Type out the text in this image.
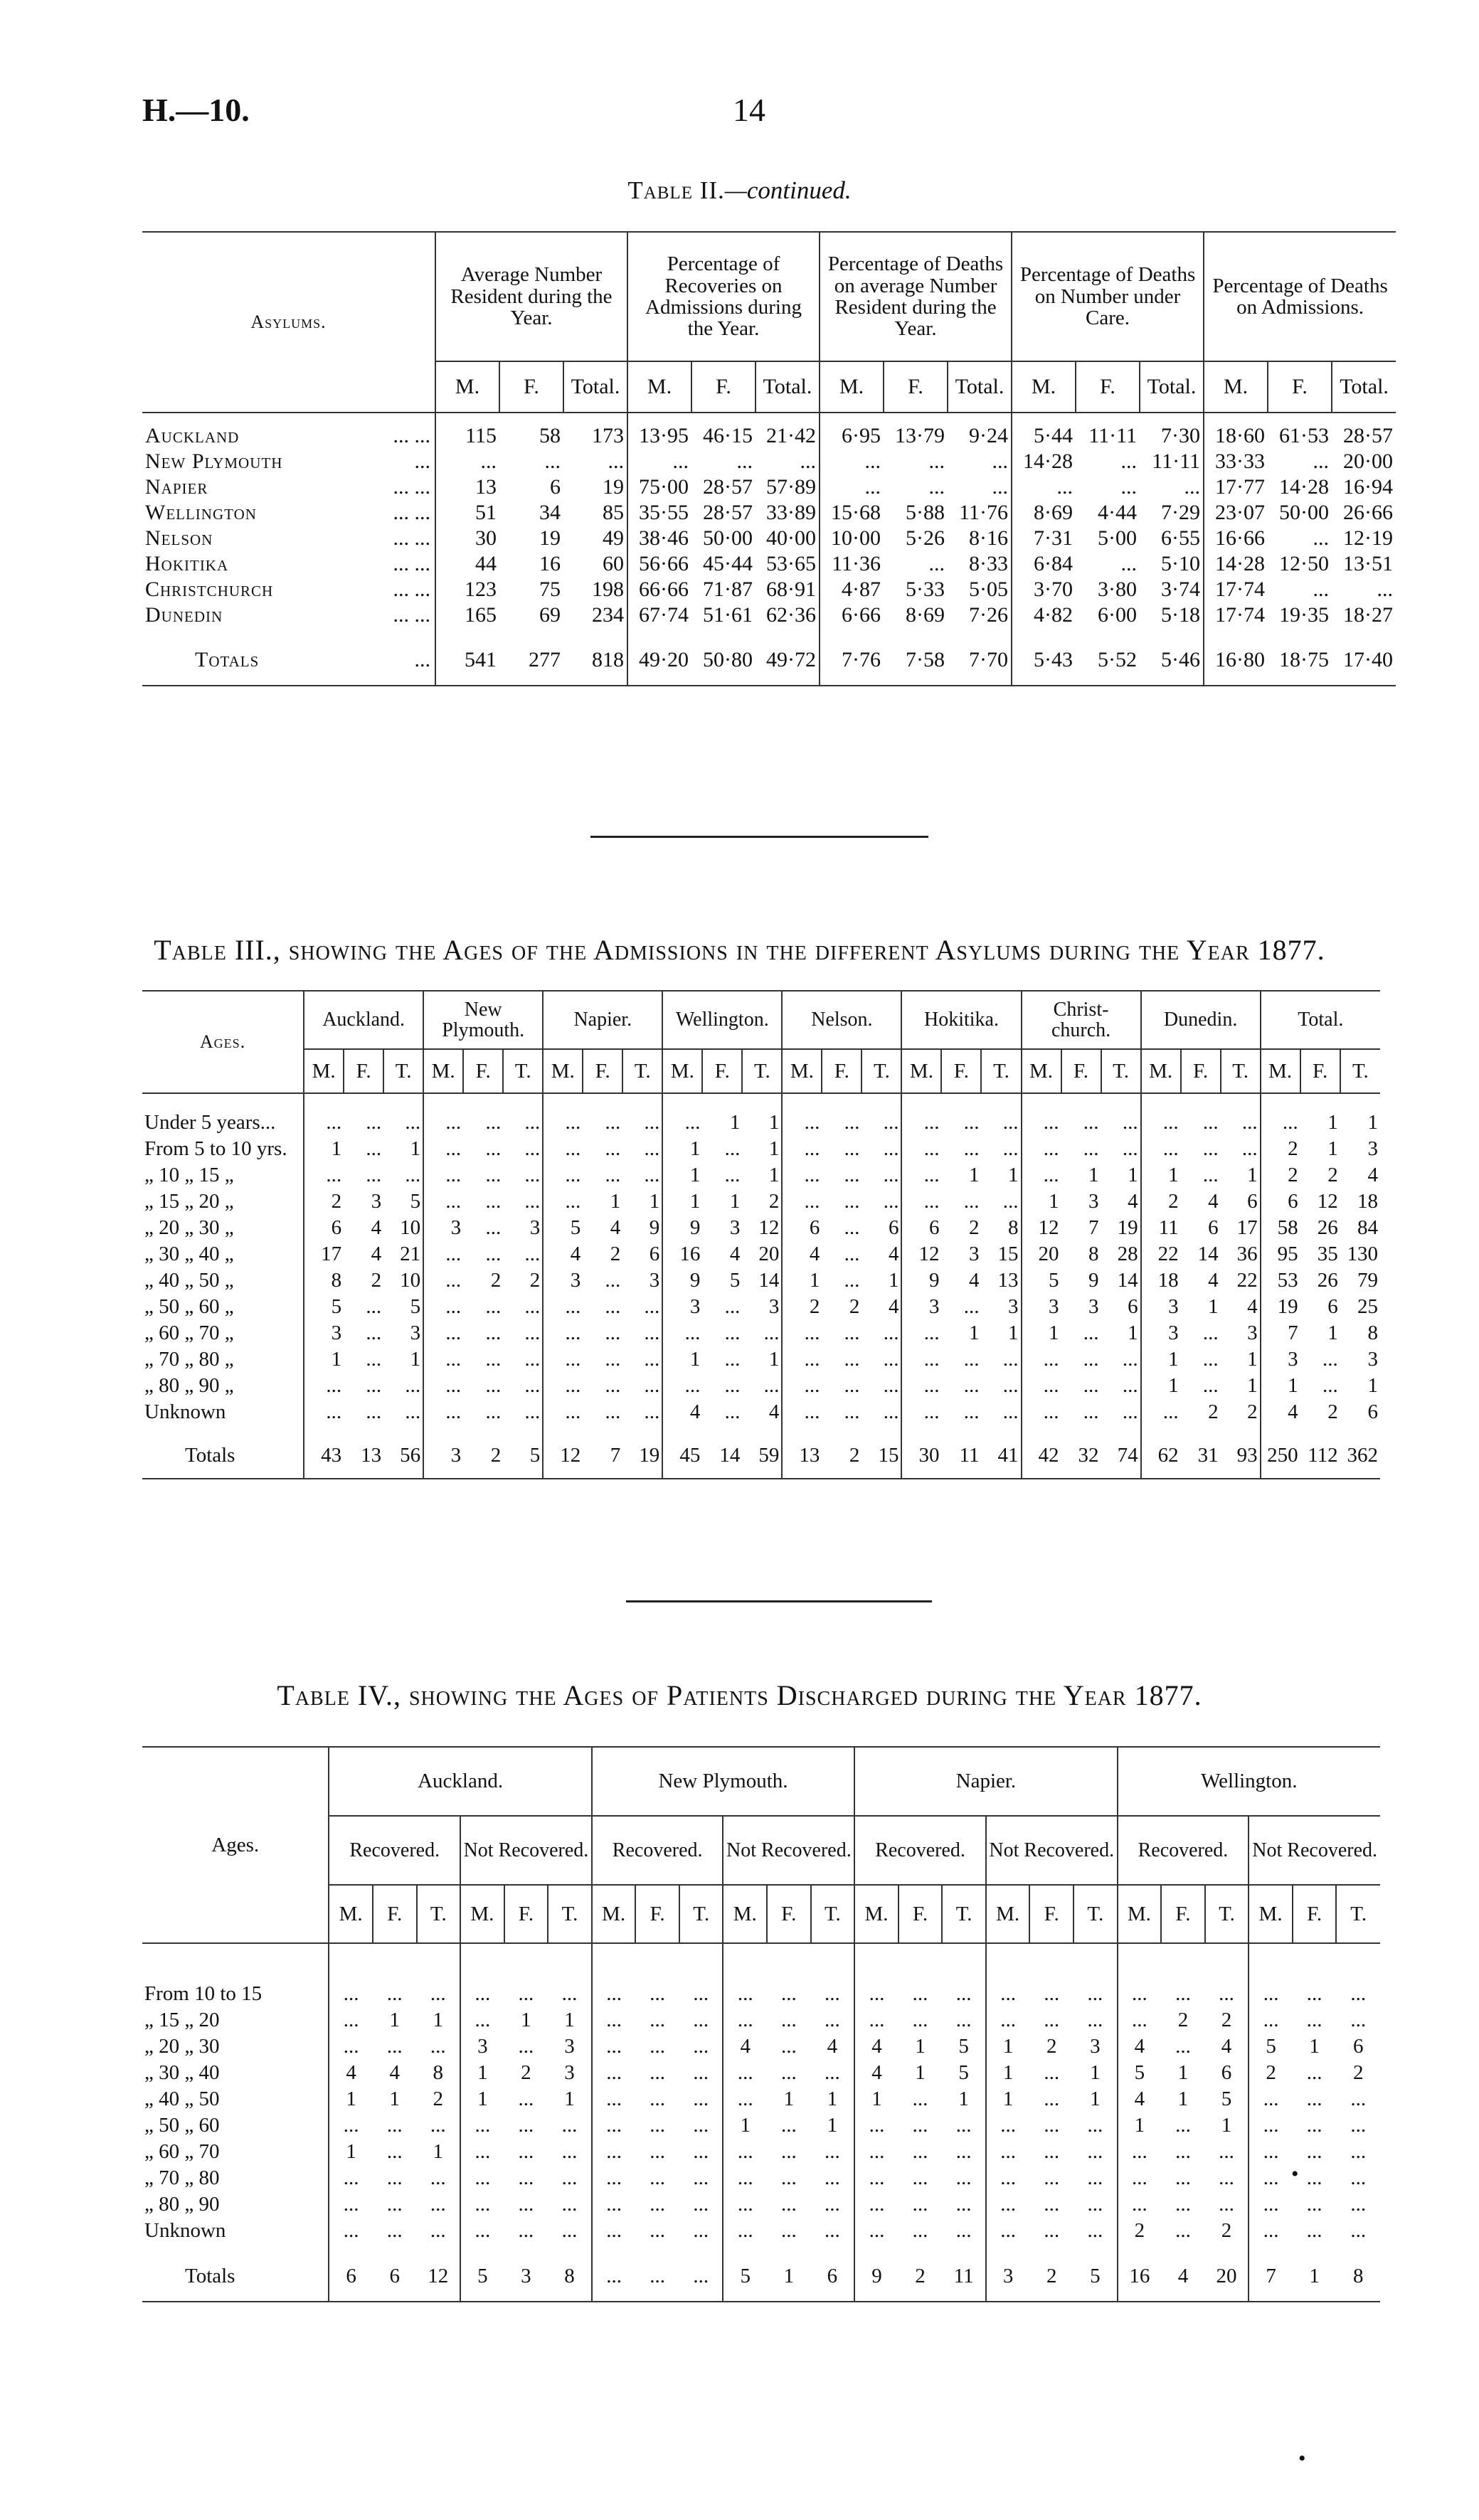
H.—10.	14
Table II.—continued.
Asylums.	Average Number Resident during the Year.			Percentage of Recoveries on Admissions during the Year.			Percentage of Deaths on average Number Resident during the Year.			Percentage of Deaths on Number under Care.			Percentage of Deaths on Admissions.		
	M.	F.	Total.	M.	F.	Total.	M.	F.	Total.	M.	F.	Total.	M.	F.	Total.
Auckland ... ...	115	58	173	13·95	46·15	21·42	6·95	13·79	9·24	5·44	11·11	7·30	18·60	61·53	28·57
New Plymouth ...	...	...	...	...	...	...	...	...	...	14·28	...	11·11	33·33	...	20·00
Napier ... ...	13	6	19	75·00	28·57	57·89	...	...	...	...	...	...	17·77	14·28	16·94
Wellington ... ...	51	34	85	35·55	28·57	33·89	15·68	5·88	11·76	8·69	4·44	7·29	23·07	50·00	26·66
Nelson ... ...	30	19	49	38·46	50·00	40·00	10·00	5·26	8·16	7·31	5·00	6·55	16·66	...	12·19
Hokitika ... ...	44	16	60	56·66	45·44	53·65	11·36	...	8·33	6·84	...	5·10	14·28	12·50	13·51
Christchurch ... ...	123	75	198	66·66	71·87	68·91	4·87	5·33	5·05	3·70	3·80	3·74	17·74	...	...
Dunedin ... ...	165	69	234	67·74	51·61	62·36	6·66	8·69	7·26	4·82	6·00	5·18	17·74	19·35	18·27
Totals ...	541	277	818	49·20	50·80	49·72	7·76	7·58	7·70	5·43	5·52	5·46	16·80	18·75	17·40
Table III., showing the Ages of the Admissions in the different Asylums during the Year 1877.
Ages.	Auckland.			New Plymouth.			Napier.			Wellington.			Nelson.			Hokitika.			Christ-church.			Dunedin.			Total.		
	M.	F.	T.	M.	F.	T.	M.	F.	T.	M.	F.	T.	M.	F.	T.	M.	F.	T.	M.	F.	T.	M.	F.	T.	M.	F.	T.
Under 5 years...	...	...	...	...	...	...	...	...	...	...	1	1	...	...	...	...	...	...	...	...	...	...	...	...	...	1	1
From 5 to 10 yrs.	1	...	1	...	...	...	...	...	...	1	...	1	...	...	...	...	...	...	...	...	...	...	...	...	2	1	3
„ 10 „ 15 „	...	...	...	...	...	...	...	...	...	1	...	1	...	...	...	...	1	1	...	1	1	1	...	1	2	2	4
„ 15 „ 20 „	2	3	5	...	...	...	...	1	1	1	1	2	...	...	...	...	...	...	1	3	4	2	4	6	6	12	18
„ 20 „ 30 „	6	4	10	3	...	3	5	4	9	9	3	12	6	...	6	6	2	8	12	7	19	11	6	17	58	26	84
„ 30 „ 40 „	17	4	21	...	...	...	4	2	6	16	4	20	4	...	4	12	3	15	20	8	28	22	14	36	95	35	130
„ 40 „ 50 „	8	2	10	...	2	2	3	...	3	9	5	14	1	...	1	9	4	13	5	9	14	18	4	22	53	26	79
„ 50 „ 60 „	5	...	5	...	...	...	...	...	...	3	...	3	2	2	4	3	...	3	3	3	6	3	1	4	19	6	25
„ 60 „ 70 „	3	...	3	...	...	...	...	...	...	...	...	...	...	...	...	...	1	1	1	...	1	3	...	3	7	1	8
„ 70 „ 80 „	1	...	1	...	...	...	...	...	...	1	...	1	...	...	...	...	...	...	...	...	...	1	...	1	3	...	3
„ 80 „ 90 „	...	...	...	...	...	...	...	...	...	...	...	...	...	...	...	...	...	...	...	...	...	1	...	1	1	...	1
Unknown	...	...	...	...	...	...	...	...	...	4	...	4	...	...	...	...	...	...	...	...	...	...	2	2	4	2	6
Totals	43	13	56	3	2	5	12	7	19	45	14	59	13	2	15	30	11	41	42	32	74	62	31	93	250	112	362
•
Table IV., showing the Ages of Patients Discharged during the Year 1877.
Ages.	Auckland.						New Plymouth.						Napier.						Wellington.					
	Recovered.			Not Recovered.			Recovered.			Not Recovered.			Recovered.			Not Recovered.			Recovered.			Not Recovered.		
	M.	F.	T.	M.	F.	T.	M.	F.	T.	M.	F.	T.	M.	F.	T.	M.	F.	T.	M.	F.	T.	M.	F.	T.
From 10 to 15	...	...	...	...	...	...	...	...	...	...	...	...	...	...	...	...	...	...	...	...	...	...	...	...
„ 15 „ 20	...	1	1	...	1	1	...	...	...	...	...	...	...	...	...	...	...	...	...	2	2	...	...	...
„ 20 „ 30	...	...	...	3	...	3	...	...	...	4	...	4	4	1	5	1	2	3	4	...	4	5	1	6
„ 30 „ 40	4	4	8	1	2	3	...	...	...	...	...	...	4	1	5	1	...	1	5	1	6	2	...	2
„ 40 „ 50	1	1	2	1	...	1	...	...	...	...	1	1	1	...	1	1	...	1	4	1	5	...	...	...
„ 50 „ 60	...	...	...	...	...	...	...	...	...	1	...	1	...	...	...	...	...	...	1	...	1	...	...	...
„ 60 „ 70	1	...	1	...	...	...	...	...	...	...	...	...	...	...	...	...	...	...	...	...	...	...	...	...
„ 70 „ 80	...	...	...	...	...	...	...	...	...	...	...	...	...	...	...	...	...	...	...	...	...	...	...	...
„ 80 „ 90	...	...	...	...	...	...	...	...	...	...	...	...	...	...	...	...	...	...	...	...	...	...	...	...
Unknown	...	...	...	...	...	...	...	...	...	...	...	...	...	...	...	...	...	...	2	...	2	...	...	...
Totals	6	6	12	5	3	8	...	...	...	5	1	6	9	2	11	3	2	5	16	4	20	7	1	8
•
